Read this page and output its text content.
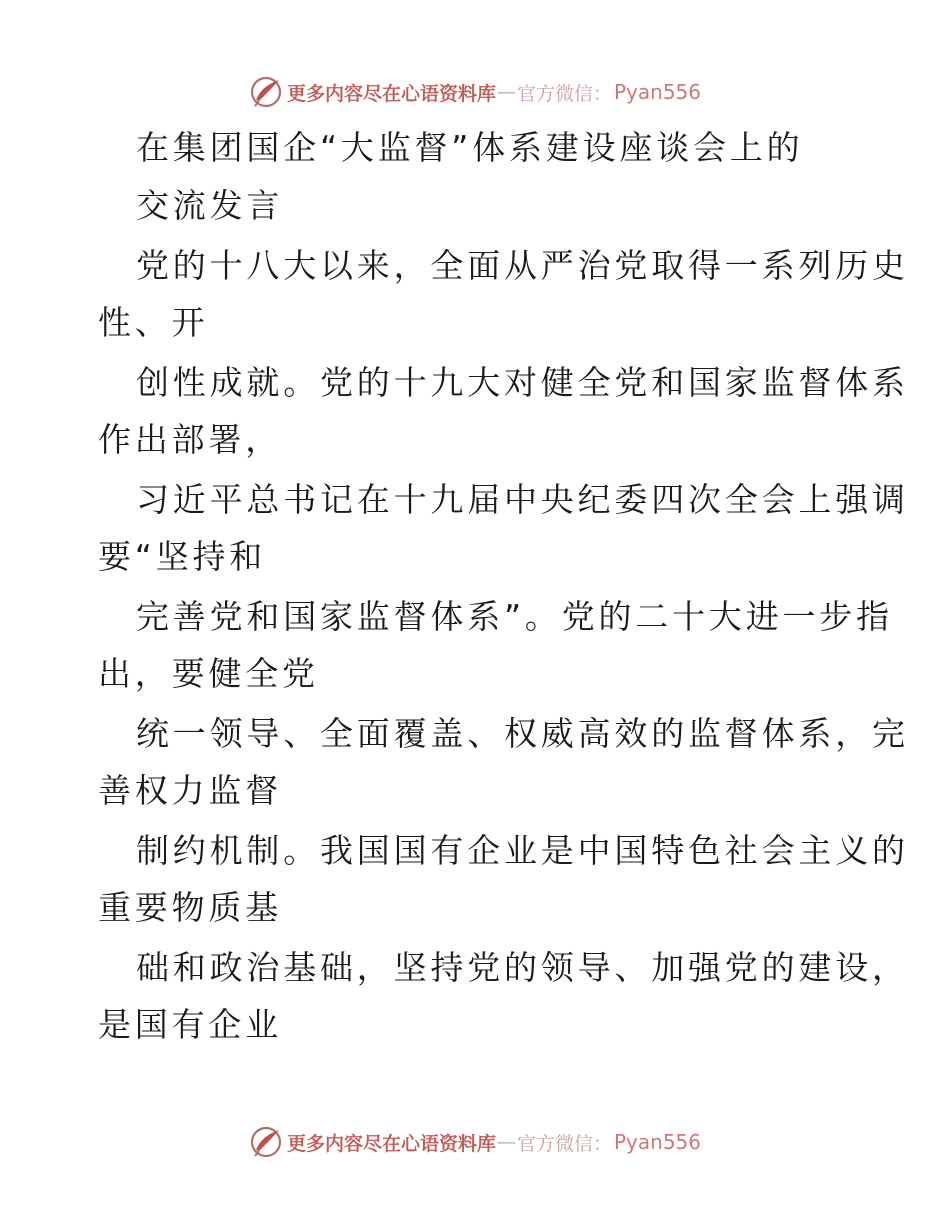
更多内容尽在心语资料库 — 官方微信： Pyan556
在集团国企“大监督”体系建设座谈会上的
交流发言
党的十八大以来，全面从严治党取得一系列历史
性、开
创性成就。党的十九大对健全党和国家监督体系
作出部署，
习近平总书记在十九届中央纪委四次全会上强调
要“坚持和
完善党和国家监督体系”。党的二十大进一步指
出，要健全党
统一领导、全面覆盖、权威高效的监督体系，完
善权力监督
制约机制。我国国有企业是中国特色社会主义的
重要物质基
础和政治基础，坚持党的领导、加强党的建设，
是国有企业
更多内容尽在心语资料库 — 官方微信： Pyan556
